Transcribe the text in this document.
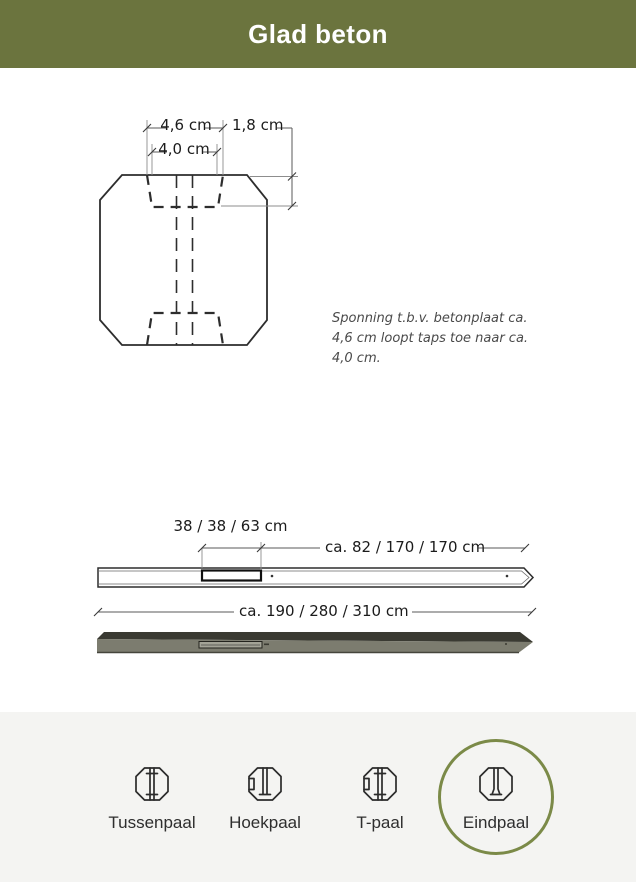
Glad beton
4,6 cm
4,0 cm
1,8 cm
Sponning t.b.v. betonplaat ca. 4,6 cm loopt taps toe naar ca. 4,0 cm.
38 / 38 / 63 cm
ca. 82 / 170 / 170 cm
ca. 190 / 280 / 310 cm
Tussenpaal	Hoekpaal	T-paal	Eindpaal
